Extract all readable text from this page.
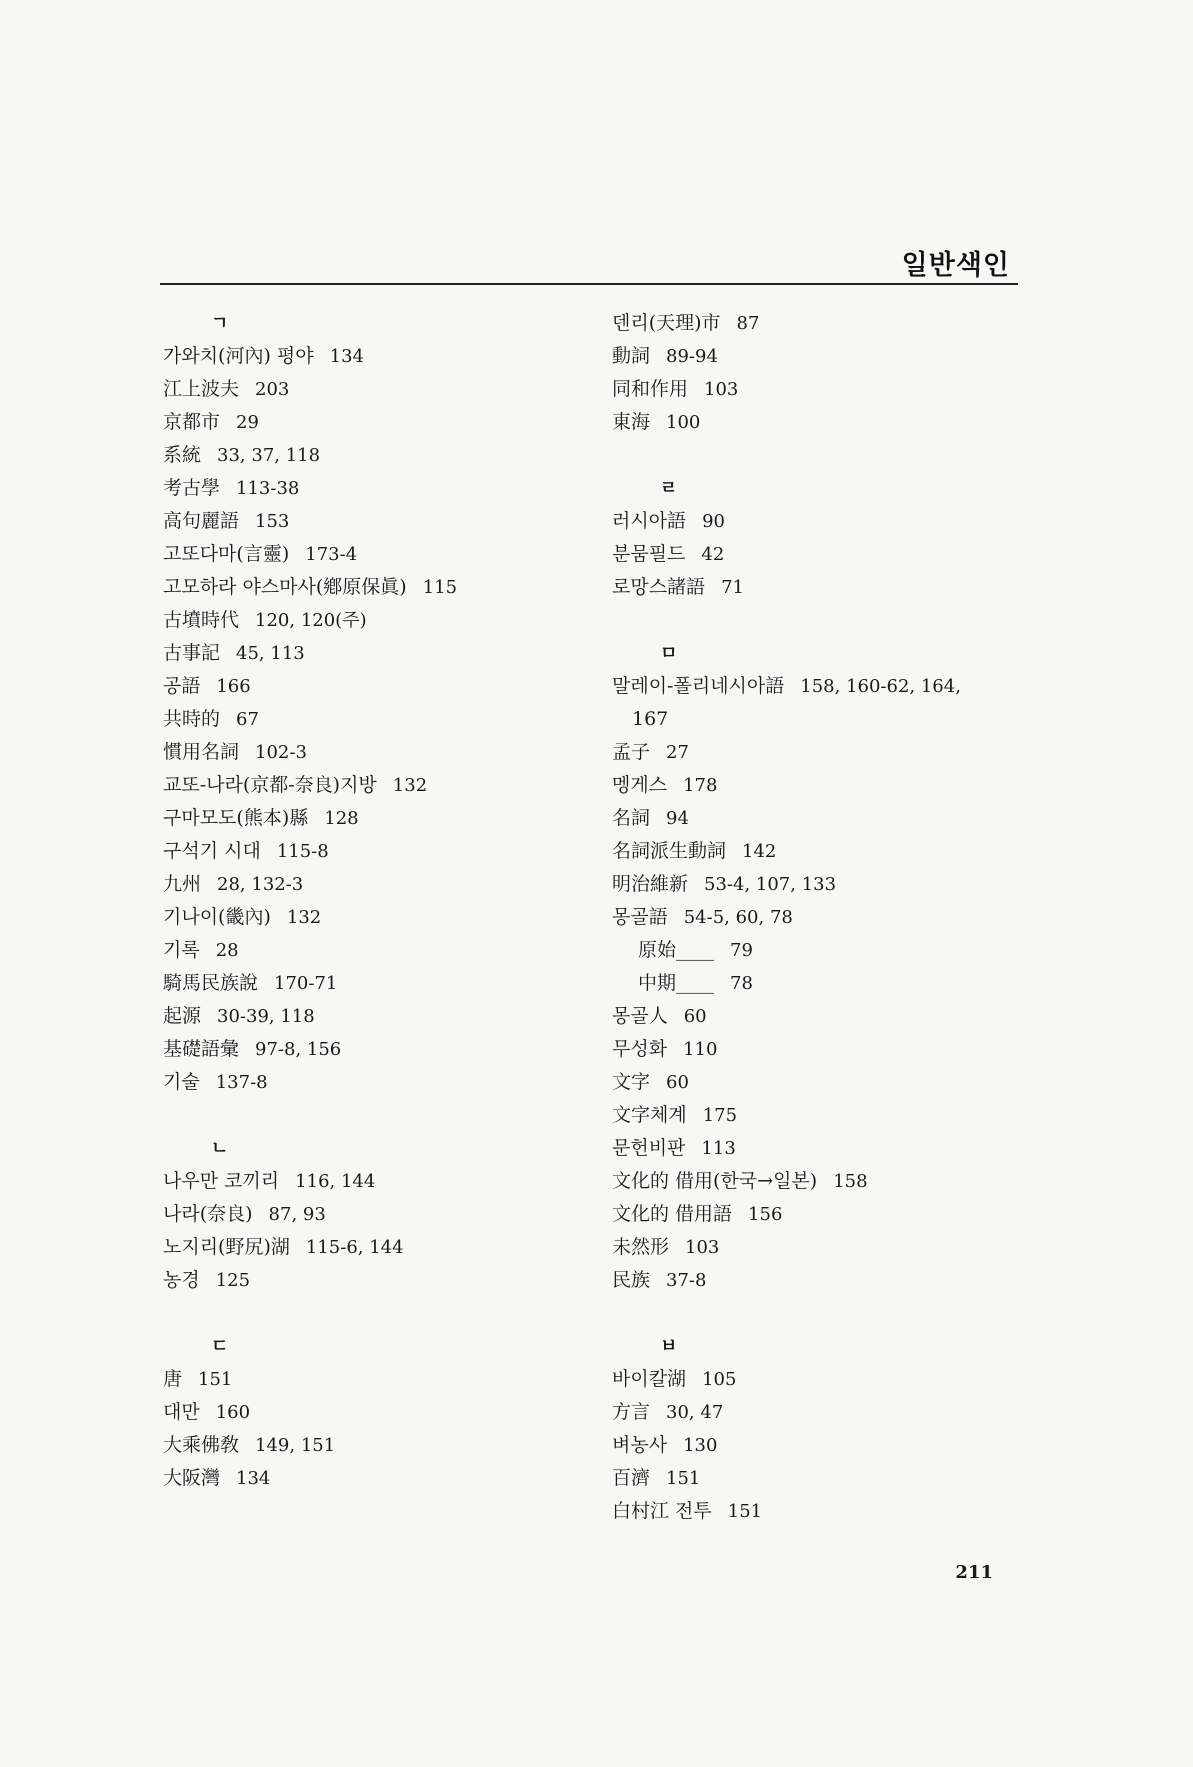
일반색인
ㄱ
가와치(河內) 평야 134
江上波夫 203
京都市 29
系統 33, 37, 118
考古學 113-38
高句麗語 153
고또다마(言靈) 173-4
고모하라 야스마사(鄕原保眞) 115
古墳時代 120, 120(주)
古事記 45, 113
공語 166
共時的 67
慣用名詞 102-3
교또-나라(京都-奈良)지방 132
구마모도(熊本)縣 128
구석기 시대 115-8
九州 28, 132-3
기나이(畿內) 132
기록 28
騎馬民族說 170-71
起源 30-39, 118
基礎語彙 97-8, 156
기술 137-8
ㄴ
나우만 코끼리 116, 144
나라(奈良) 87, 93
노지리(野尻)湖 115-6, 144
농경 125
ㄷ
唐 151
대만 160
大乘佛敎 149, 151
大阪灣 134
덴리(天理)市 87
動詞 89-94
同和作用 103
東海 100
ㄹ
러시아語 90
분뭄필드 42
로망스諸語 71
ㅁ
말레이-폴리네시아語 158, 160-62, 164,
167
孟子 27
멩게스 178
名詞 94
名詞派生動詞 142
明治維新 53-4, 107, 133
몽골語 54-5, 60, 78
原始____ 79
中期____ 78
몽골人 60
무성화 110
文字 60
文字체계 175
문헌비판 113
文化的 借用(한국→일본) 158
文化的 借用語 156
未然形 103
民族 37-8
ㅂ
바이칼湖 105
方言 30, 47
벼농사 130
百濟 151
白村江 전투 151
211
